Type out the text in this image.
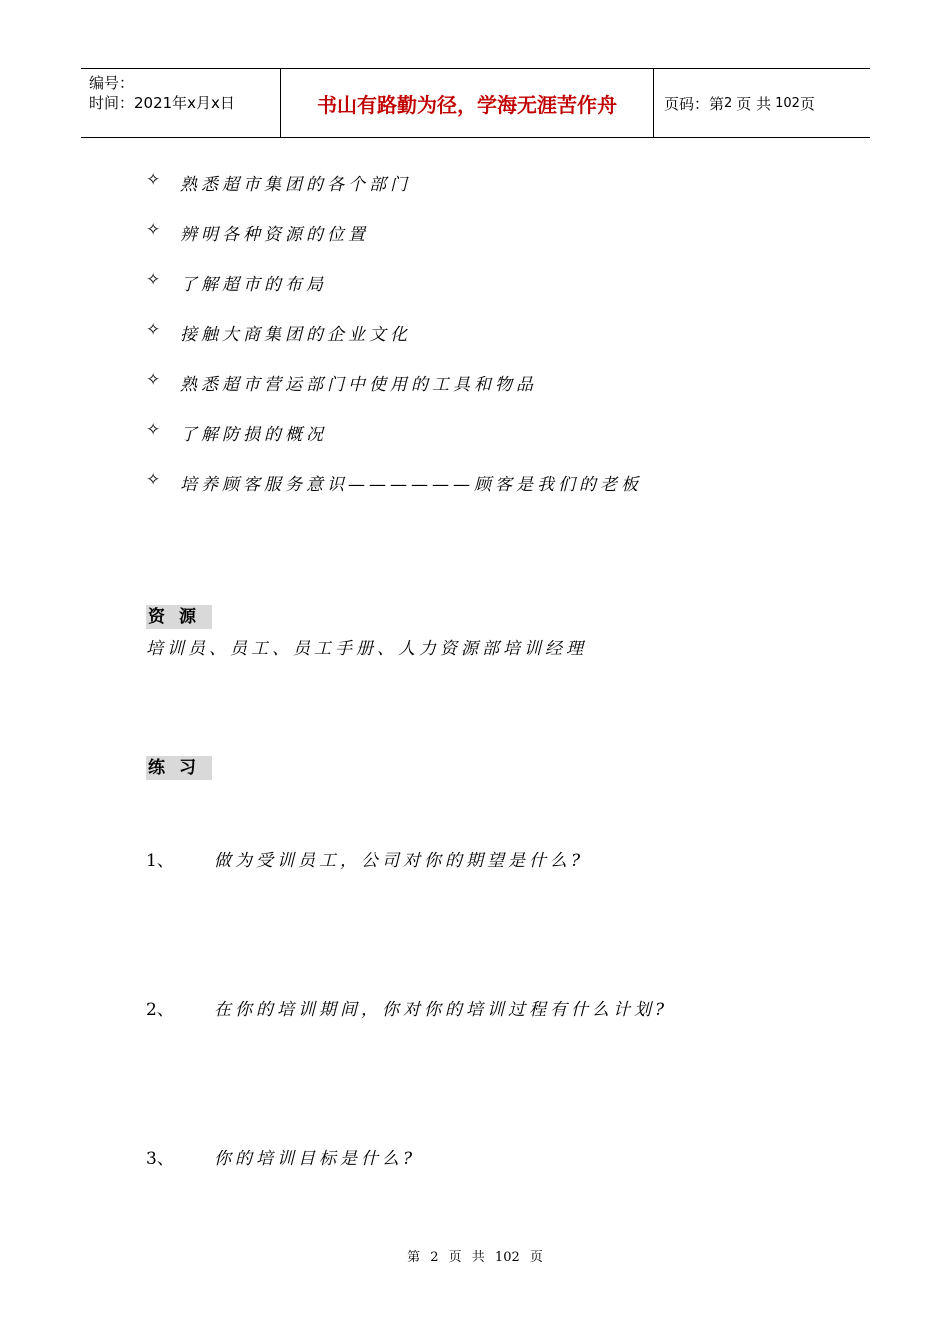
编号：
时间：2021年x月x日	书山有路勤为径，学海无涯苦作舟	页码：第 2 页 共 102 页
✧	熟悉超市集团的各个部门
✧	辨明各种资源的位置
✧	了解超市的布局
✧	接触大商集团的企业文化
✧	熟悉超市营运部门中使用的工具和物品
✧	了解防损的概况
✧	培养顾客服务意识——————顾客是我们的老板
资源
培训员、员工、员工手册、人力资源部培训经理
练习
1、	做为受训员工，公司对你的期望是什么?
2、	在你的培训期间，你对你的培训过程有什么计划?
3、	你的培训目标是什么?
第 2 页 共 102 页
